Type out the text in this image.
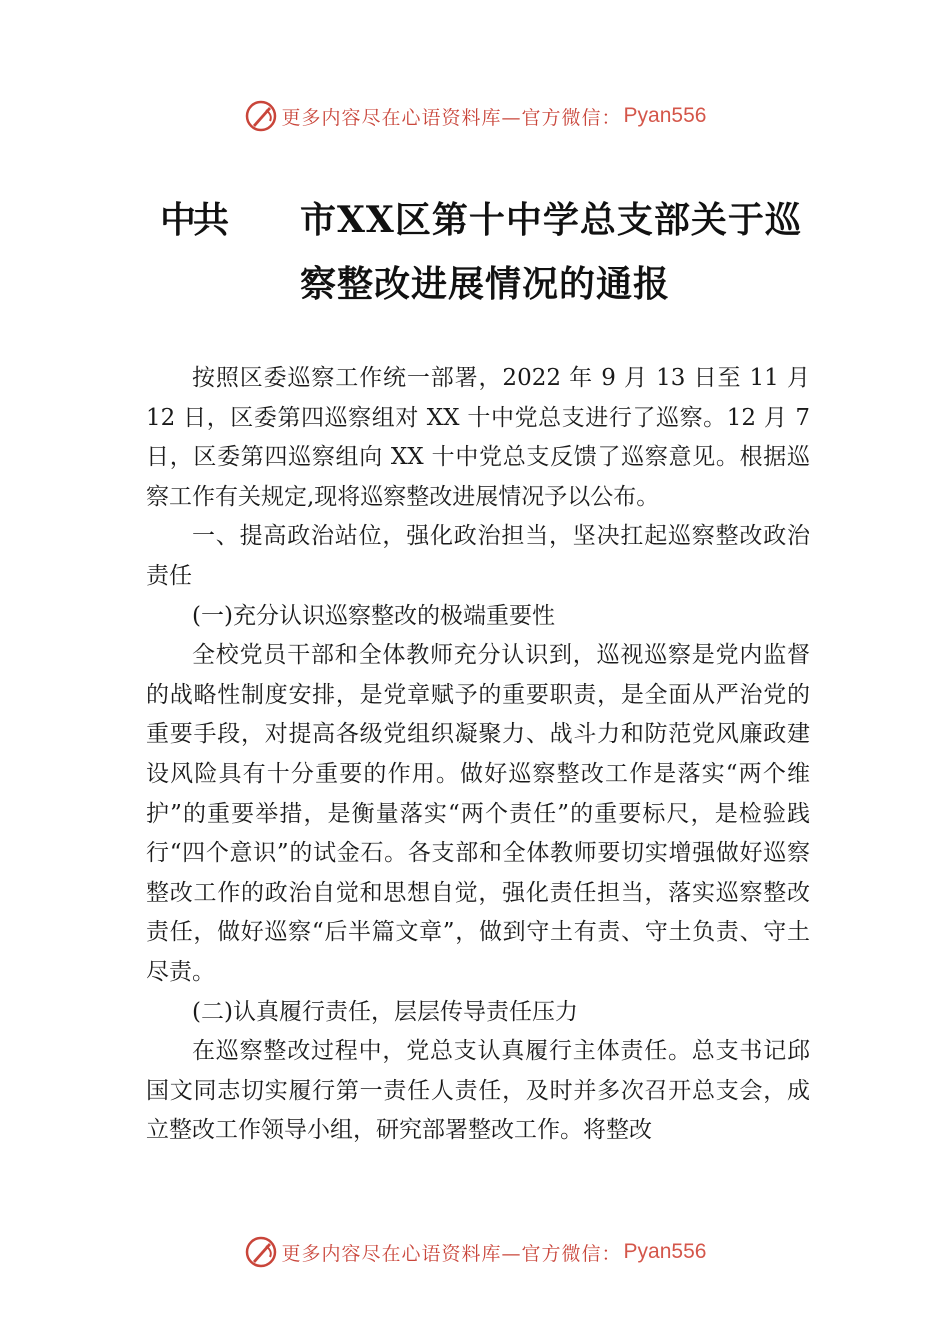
更多内容尽在心语资料库—官方微信： Pyan556
中共 市XX区第十中学总支部关于巡
察整改进展情况的通报

按照区委巡察工作统一部署，2022 年 9 月 13 日至 11 月 12 日，区委第四巡察组对 XX 十中党总支进行了巡察。12 月 7 日，区委第四巡察组向 XX 十中党总支反馈了巡察意见。根据巡察工作有关规定,现将巡察整改进展情况予以公布。

一、提高政治站位，强化政治担当，坚决扛起巡察整改政治责任

(一)充分认识巡察整改的极端重要性

全校党员干部和全体教师充分认识到，巡视巡察是党内监督的战略性制度安排，是党章赋予的重要职责，是全面从严治党的重要手段，对提高各级党组织凝聚力、战斗力和防范党风廉政建设风险具有十分重要的作用。做好巡察整改工作是落实“两个维护”的重要举措，是衡量落实“两个责任”的重要标尺，是检验践行“四个意识”的试金石。各支部和全体教师要切实增强做好巡察整改工作的政治自觉和思想自觉，强化责任担当，落实巡察整改责任，做好巡察“后半篇文章”，做到守土有责、守土负责、守土尽责。

(二)认真履行责任，层层传导责任压力

在巡察整改过程中，党总支认真履行主体责任。总支书记邱国文同志切实履行第一责任人责任，及时并多次召开总支会，成立整改工作领导小组，研究部署整改工作。将整改

更多内容尽在心语资料库—官方微信： Pyan556
